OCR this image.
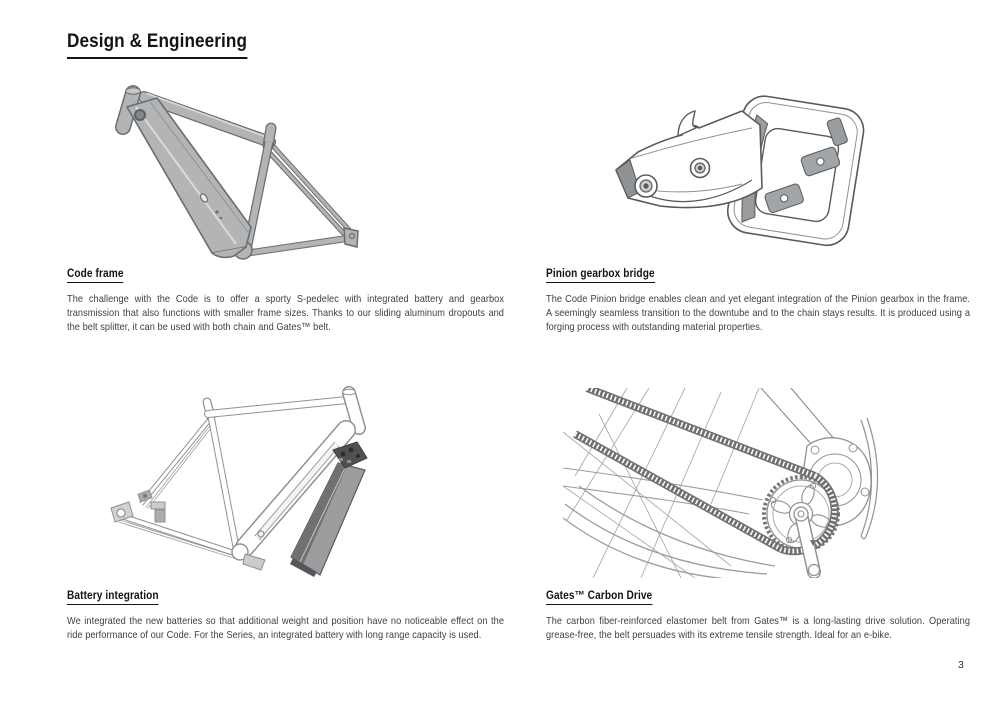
Design & Engineering
Code frame

The challenge with the Code is to offer a sporty S-pedelec with integrated battery and gearbox transmission that also functions with smaller frame sizes. Thanks to our sliding aluminum dropouts and the belt splitter, it can be used with both chain and Gates™ belt.

Pinion gearbox bridge

The Code Pinion bridge enables clean and yet elegant integration of the Pinion gearbox in the frame. A seemingly seamless transition to the downtube and to the chain stays results. It is produced using a forging process with outstanding material properties.

Battery integration

We integrated the new batteries so that additional weight and position have no noticeable effect on the ride performance of our Code. For the Series, an integrated battery with long range capacity is used.

Gates™ Carbon Drive

The carbon fiber-reinforced elastomer belt from Gates™ is a long-lasting drive solution. Operating grease-free, the belt persuades with its extreme tensile strength. Ideal for an e-bike.

3
